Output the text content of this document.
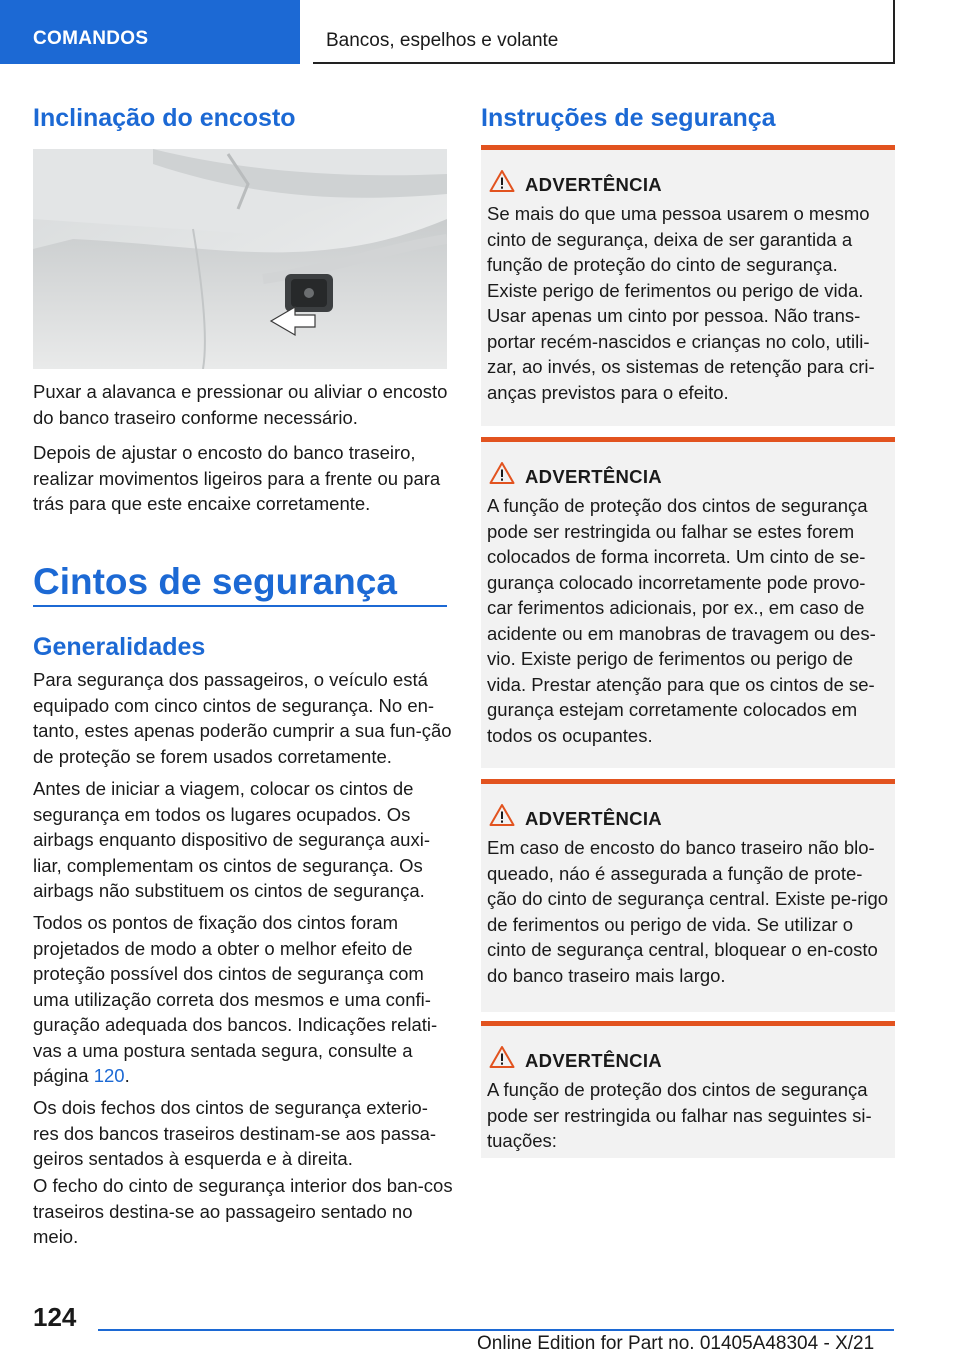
COMANDOS	Bancos, espelhos e volante
Inclinação do encosto

Puxar a alavanca e pressionar ou aliviar o encosto do banco traseiro conforme necessário.

Depois de ajustar o encosto do banco traseiro, realizar movimentos ligeiros para a frente ou para trás para que este encaixe corretamente.

Cintos de segurança
Generalidades

Para segurança dos passageiros, o veículo está equipado com cinco cintos de segurança. No en-tanto, estes apenas poderão cumprir a sua fun-ção de proteção se forem usados corretamente.

Antes de iniciar a viagem, colocar os cintos de segurança em todos os lugares ocupados. Os airbags enquanto dispositivo de segurança auxi-liar, complementam os cintos de segurança. Os airbags não substituem os cintos de segurança.

Todos os pontos de fixação dos cintos foram projetados de modo a obter o melhor efeito de proteção possível dos cintos de segurança com uma utilização correta dos mesmos e uma confi-guração adequada dos bancos. Indicações relati-vas a uma postura sentada segura, consulte a página 120.

Os dois fechos dos cintos de segurança exterio-res dos bancos traseiros destinam-se aos passa-geiros sentados à esquerda e à direita.

O fecho do cinto de segurança interior dos ban-cos traseiros destina-se ao passageiro sentado no meio.

Instruções de segurança
ADVERTÊNCIA

Se mais do que uma pessoa usarem o mesmo cinto de segurança, deixa de ser garantida a função de proteção do cinto de segurança. Existe perigo de ferimentos ou perigo de vida. Usar apenas um cinto por pessoa. Não trans-portar recém-nascidos e crianças no colo, utili-zar, ao invés, os sistemas de retenção para cri-anças previstos para o efeito.

ADVERTÊNCIA

A função de proteção dos cintos de segurança pode ser restringida ou falhar se estes forem colocados de forma incorreta. Um cinto de se-gurança colocado incorretamente pode provo-car ferimentos adicionais, por ex., em caso de acidente ou em manobras de travagem ou des-vio. Existe perigo de ferimentos ou perigo de vida. Prestar atenção para que os cintos de se-gurança estejam corretamente colocados em todos os ocupantes.

ADVERTÊNCIA

Em caso de encosto do banco traseiro não blo-queado, náo é assegurada a função de prote-ção do cinto de segurança central. Existe pe-rigo de ferimentos ou perigo de vida. Se utilizar o cinto de segurança central, bloquear o en-costo do banco traseiro mais largo.

ADVERTÊNCIA

A função de proteção dos cintos de segurança pode ser restringida ou falhar nas seguintes si-tuações:

124
Online Edition for Part no. 01405A48304 - X/21
